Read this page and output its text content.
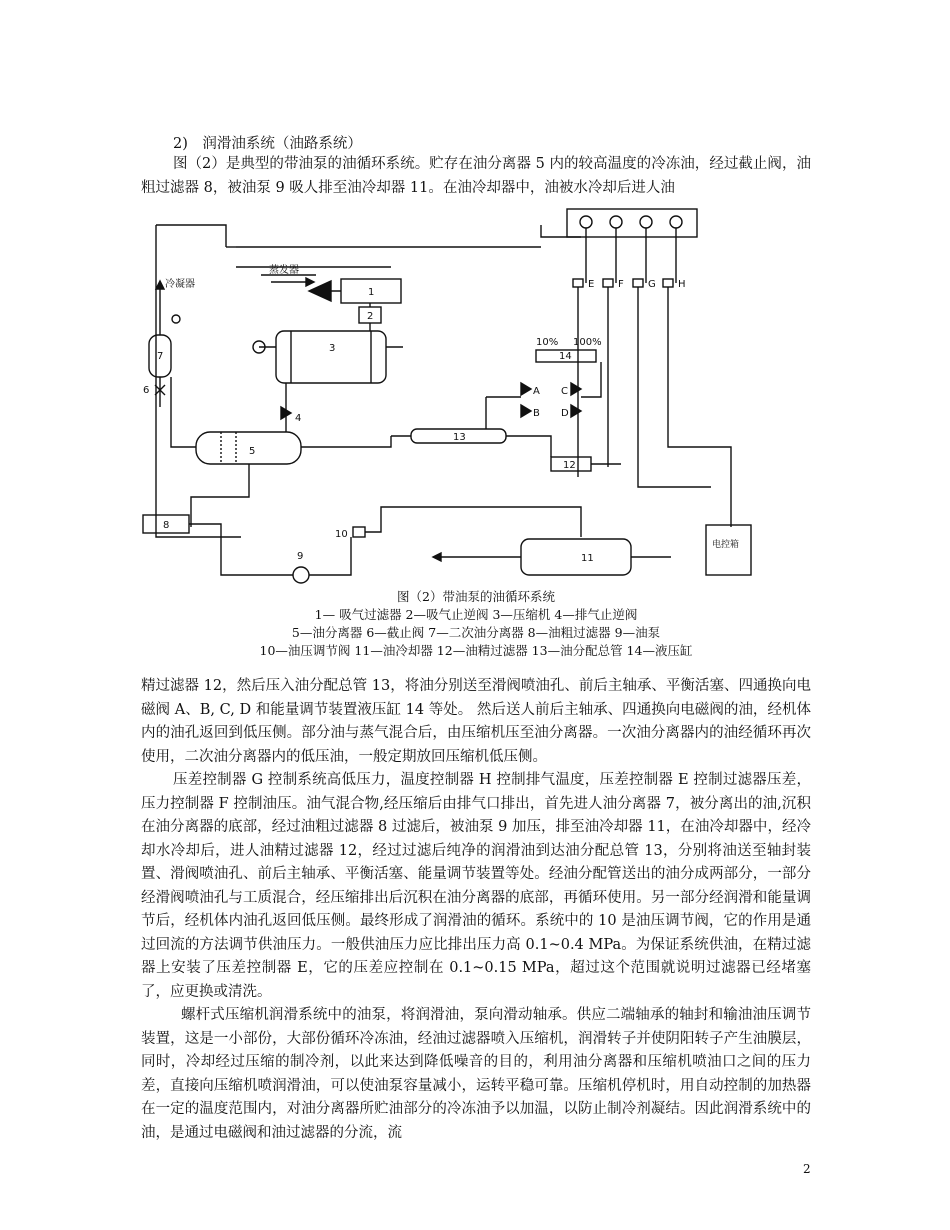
2)　润滑油系统（油路系统）

图（2）是典型的带油泵的油循环系统。贮存在油分离器 5 内的较高温度的冷冻油，经过截止阀，油粗过滤器 8，被油泵 9 吸人排至油冷却器 11。在油冷却器中，油被水冷却后进人油

冷凝器
蒸发器
电控箱
10% 100%
A
B
C
D
E F G H
1
2
3
4
5
6
7
8
9
10
11
12
13
14
图（2）带油泵的油循环系统
1— 吸气过滤器 2—吸气止逆阀 3—压缩机 4—排气止逆阀
5—油分离器 6—截止阀 7—二次油分离器 8—油粗过滤器 9—油泵
10—油压调节阀 11—油冷却器 12—油精过滤器 13—油分配总管 14—液压缸

精过滤器 12，然后压入油分配总管 13，将油分别送至滑阀喷油孔、前后主轴承、平衡活塞、四通换向电磁阀 A、B, C, D 和能量调节装置液压缸 14 等处。 然后送人前后主轴承、四通换向电磁阀的油，经机体内的油孔返回到低压侧。部分油与蒸气混合后，由压缩机压至油分离器。一次油分离器内的油经循环再次使用，二次油分离器内的低压油，一般定期放回压缩机低压侧。

压差控制器 G 控制系统高低压力，温度控制器 H 控制排气温度，压差控制器 E 控制过滤器压差，压力控制器 F 控制油压。油气混合物,经压缩后由排气口排出，首先进人油分离器 7，被分离出的油,沉积在油分离器的底部，经过油粗过滤器 8 过滤后，被油泵 9 加压，排至油冷却器 11，在油冷却器中，经冷却水冷却后，进人油精过滤器 12，经过过滤后纯净的润滑油到达油分配总管 13，分别将油送至轴封装置、滑阀喷油孔、前后主轴承、平衡活塞、能量调节装置等处。经油分配管送出的油分成两部分，一部分经滑阀喷油孔与工质混合，经压缩排出后沉积在油分离器的底部，再循环使用。另一部分经润滑和能量调节后，经机体内油孔返回低压侧。最终形成了润滑油的循环。系统中的 10 是油压调节阀，它的作用是通过回流的方法调节供油压力。一般供油压力应比排出压力高 0.1~0.4 MPa。为保证系统供油，在精过滤器上安装了压差控制器 E，它的压差应控制在 0.1~0.15 MPa，超过这个范围就说明过滤器已经堵塞了，应更换或清洗。

螺杆式压缩机润滑系统中的油泵，将润滑油，泵向滑动轴承。供应二端轴承的轴封和输油油压调节装置，这是一小部份，大部份循环冷冻油，经油过滤器喷入压缩机，润滑转子并使阴阳转子产生油膜层，同时，冷却经过压缩的制冷剂，以此来达到降低噪音的目的，利用油分离器和压缩机喷油口之间的压力差，直接向压缩机喷润滑油，可以使油泵容量减小，运转平稳可靠。压缩机停机时，用自动控制的加热器在一定的温度范围内，对油分离器所贮油部分的冷冻油予以加温，以防止制冷剂凝结。因此润滑系统中的油，是通过电磁阀和油过滤器的分流，流

2
